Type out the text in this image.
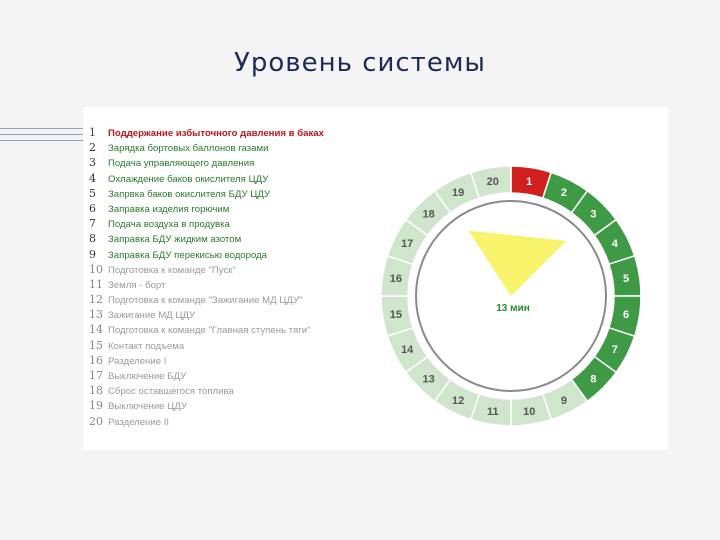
Уровень системы
1 Поддержание избыточного давления в баках
2 Зарядка бортовых баллонов газами
3 Подача управляющего давления
4 Охлаждение баков окислителя ЦДУ
5 Запрвка баков окислителя БДУ ЦДУ
6 Заправка изделия горючим
7 Подача воздуха в продувка
8 Заправка БДУ жидким азотом
9 Заправка БДУ перекисью водорода
10 Подготовка к команде "Пуск"
11 Земля - борт
12 Подготовка к команде "Зажигание МД ЦДУ"
13 Зажигание МД ЦДУ
14 Подготовка к команде "Главная ступень тяги"
15 Контакт подъема
16 Разделение I
17 Выключение БДУ
18 Сброс оставшегося топлива
19 Выключение ЦДУ
20 Разделение II
1
2
3
4
5
6
7
8
9
10
11
12
13
14
15
16
17
18
19
20
13 мин
